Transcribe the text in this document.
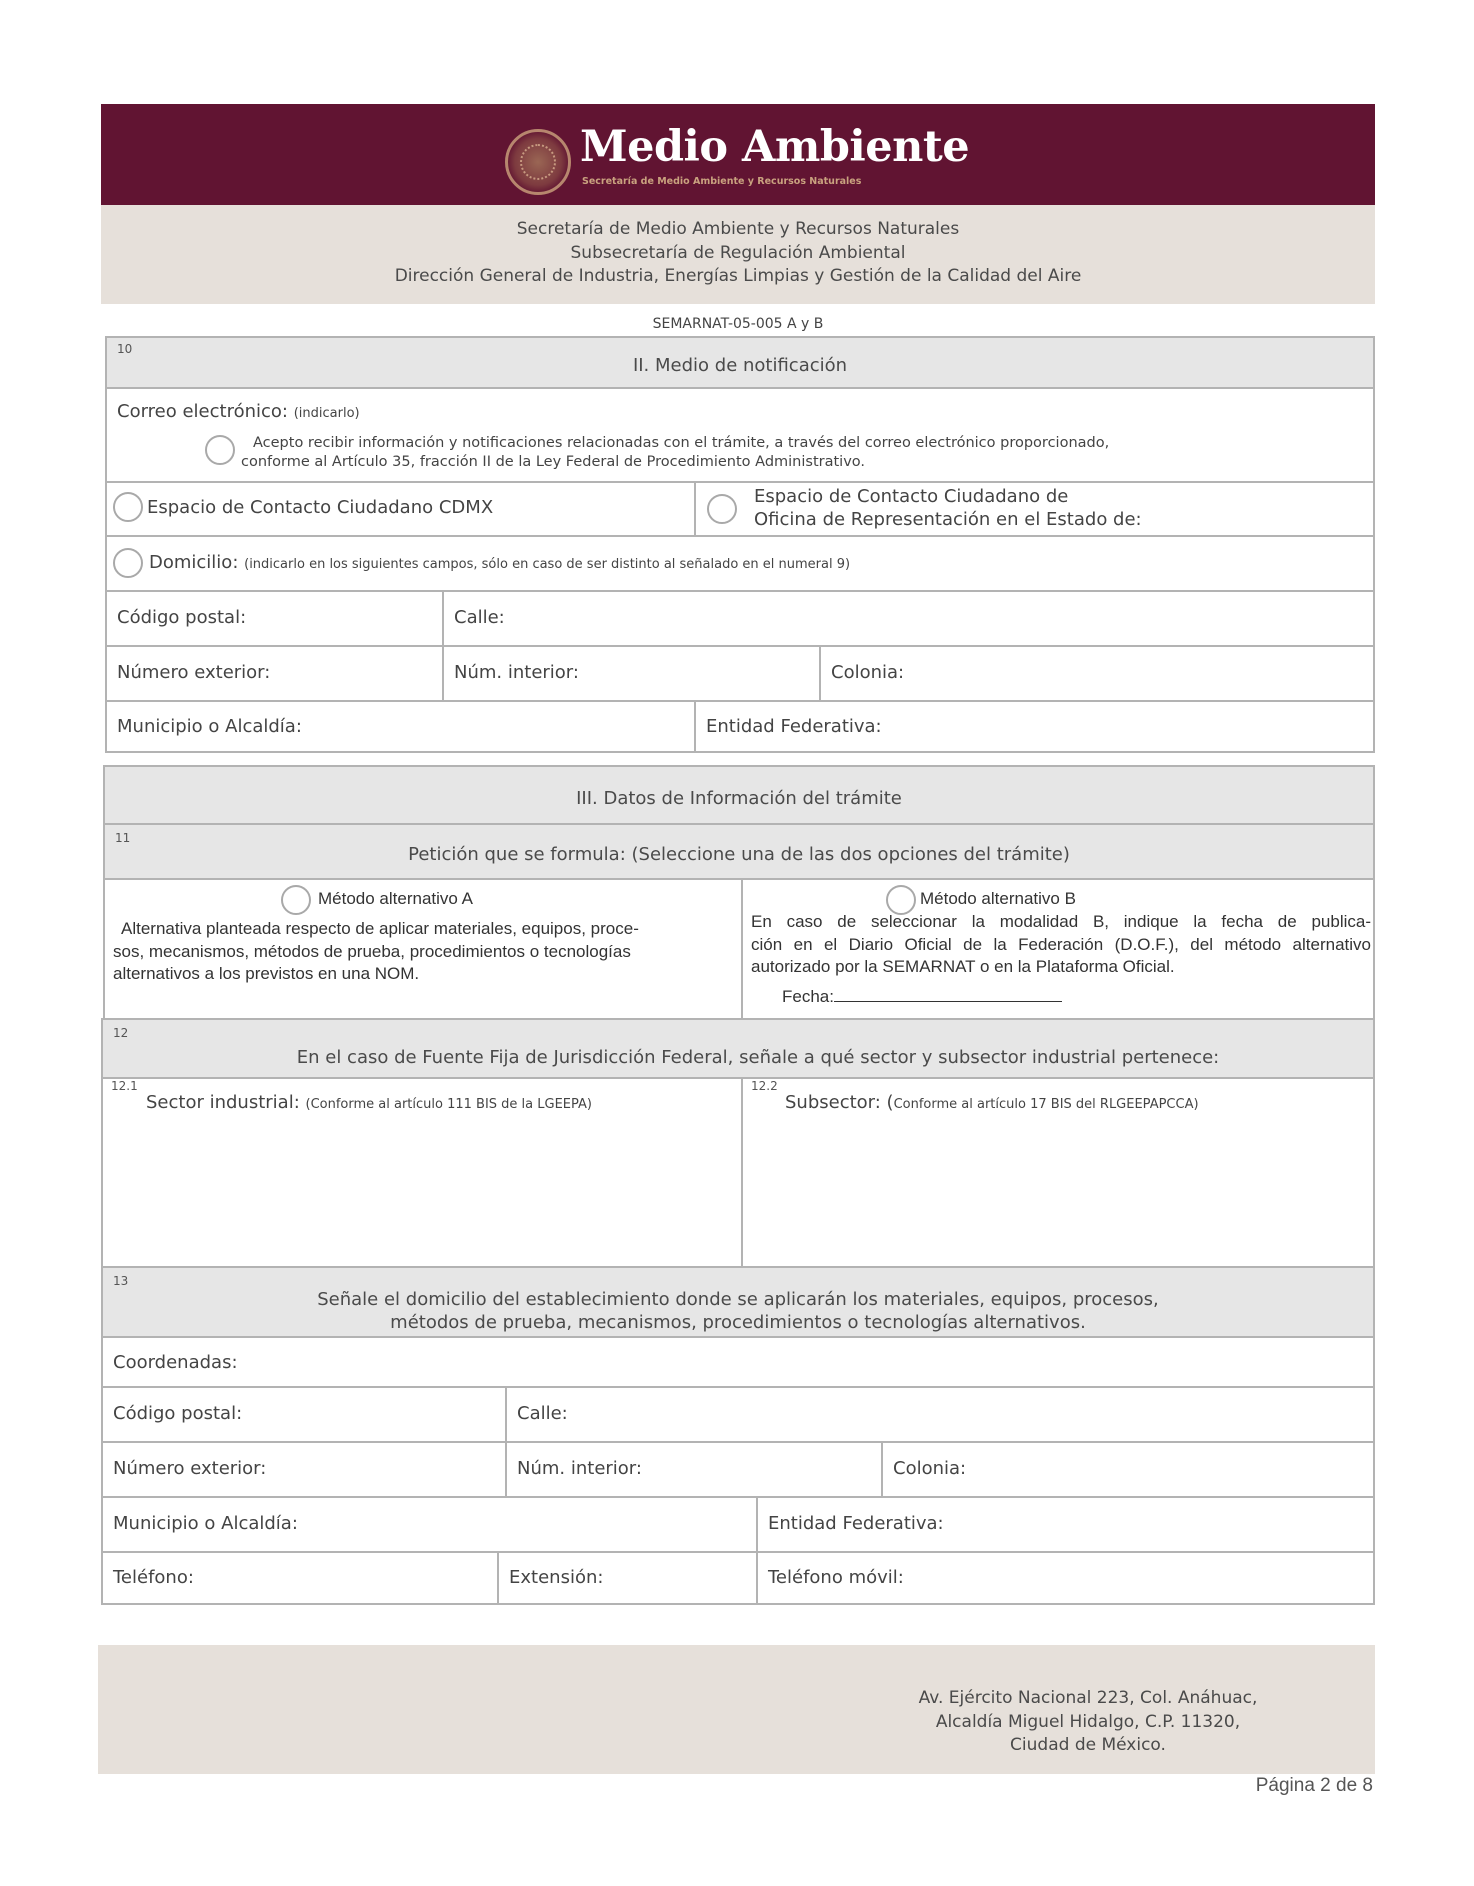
Medio Ambiente
Secretaría de Medio Ambiente y Recursos Naturales
Secretaría de Medio Ambiente y Recursos Naturales
Subsecretaría de Regulación Ambiental
Dirección General de Industria, Energías Limpias y Gestión de la Calidad del Aire
SEMARNAT-05-005 A y B
10
II. Medio de notificación
Correo electrónico: (indicarlo)
Acepto recibir información y notificaciones relacionadas con el trámite, a través del correo electrónico proporcionado,
conforme al Artículo 35, fracción II de la Ley Federal de Procedimiento Administrativo.
Espacio de Contacto Ciudadano CDMX
Espacio de Contacto Ciudadano de
Oficina de Representación en el Estado de:
Domicilio: (indicarlo en los siguientes campos, sólo en caso de ser distinto al señalado en el numeral 9)
Código postal:	Calle:
Número exterior:	Núm. interior:	Colonia:
Municipio o Alcaldía:	Entidad Federativa:
III. Datos de Información del trámite
11
Petición que se formula: (Seleccione una de las dos opciones del trámite)
Método alternativo A
Alternativa planteada respecto de aplicar materiales, equipos, proce-
sos, mecanismos, métodos de prueba, procedimientos o tecnologías
alternativos a los previstos en una NOM.
Método alternativo B
En caso de seleccionar la modalidad B, indique la fecha de publica-
ción en el Diario Oficial de la Federación (D.O.F.), del método alternativo
autorizado por la SEMARNAT o en la Plataforma Oficial.
Fecha:
12
En el caso de Fuente Fija de Jurisdicción Federal, señale a qué sector y subsector industrial pertenece:
12.1
Sector industrial: (Conforme al artículo 111 BIS de la LGEEPA)
12.2
Subsector: (Conforme al artículo 17 BIS del RLGEEPAPCCA)
13
Señale el domicilio del establecimiento donde se aplicarán los materiales, equipos, procesos,
métodos de prueba, mecanismos, procedimientos o tecnologías alternativos.
Coordenadas:
Código postal:	Calle:
Número exterior:	Núm. interior:	Colonia:
Municipio o Alcaldía:	Entidad Federativa:
Teléfono:	Extensión:	Teléfono móvil:
Av. Ejército Nacional 223, Col. Anáhuac,
Alcaldía Miguel Hidalgo, C.P. 11320,
Ciudad de México.
Página 2 de 8
